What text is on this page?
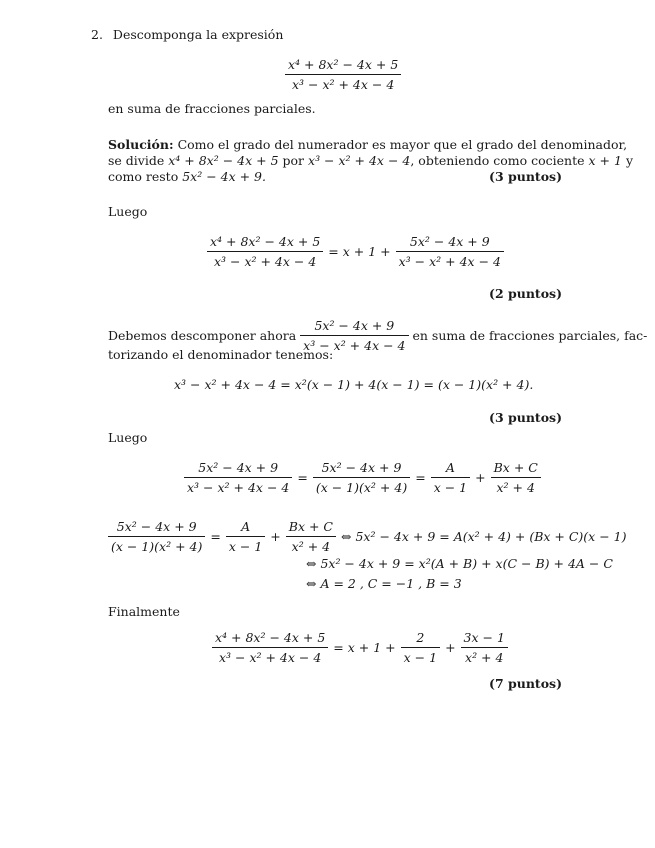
2. Descomponga la expresión
$\frac{\text{x⁴ + 8x² − 4x + 5}}{\text{x³ − x² + 4x − 4}}$
en suma de fracciones parciales.
Solución: Como el grado del numerador es mayor que el grado del denominador,
se divide x⁴ + 8x² − 4x + 5 por x³ − x² + 4x − 4, obteniendo como cociente x + 1 y
como resto 5x² − 4x + 9.	(3 puntos)
Luego
$\frac{\text{x⁴ + 8x² − 4x + 5}}{\text{x³ − x² + 4x − 4}} = x + 1 + \frac{\text{5x² − 4x + 9}}{\text{x³ − x² + 4x − 4}}$
(2 puntos)
Debemos descomponer ahora $\frac{\text{5x² − 4x + 9}}{\text{x³ − x² + 4x − 4}}$ en suma de fracciones parciales, fac-
torizando el denominador tenemos:
x³ − x² + 4x − 4 = x²(x − 1) + 4(x − 1) = (x − 1)(x² + 4).
(3 puntos)
Luego
$\frac{\text{5x² − 4x + 9}}{\text{x³ − x² + 4x − 4}} = \frac{\text{5x² − 4x + 9}}{\text{(x − 1)(x² + 4)}} = \frac{A}{x - 1} + \frac{Bx + C}{\text{x² + 4}}$
$\frac{\text{5x² − 4x + 9}}{\text{(x − 1)(x² + 4)}} = \frac{A}{x - 1} + \frac{Bx + C}{\text{x² + 4}}$ ⇔ 5x² − 4x + 9 = A(x² + 4) + (Bx + C)(x − 1)
⇔ 5x² − 4x + 9 = x²(A + B) + x(C − B) + 4A − C
⇔ A = 2 , C = −1 , B = 3
Finalmente
$\frac{\text{x⁴ + 8x² − 4x + 5}}{\text{x³ − x² + 4x − 4}} = x + 1 + \frac{2}{x - 1} + \frac{3x - 1}{\text{x² + 4}}$
(7 puntos)
